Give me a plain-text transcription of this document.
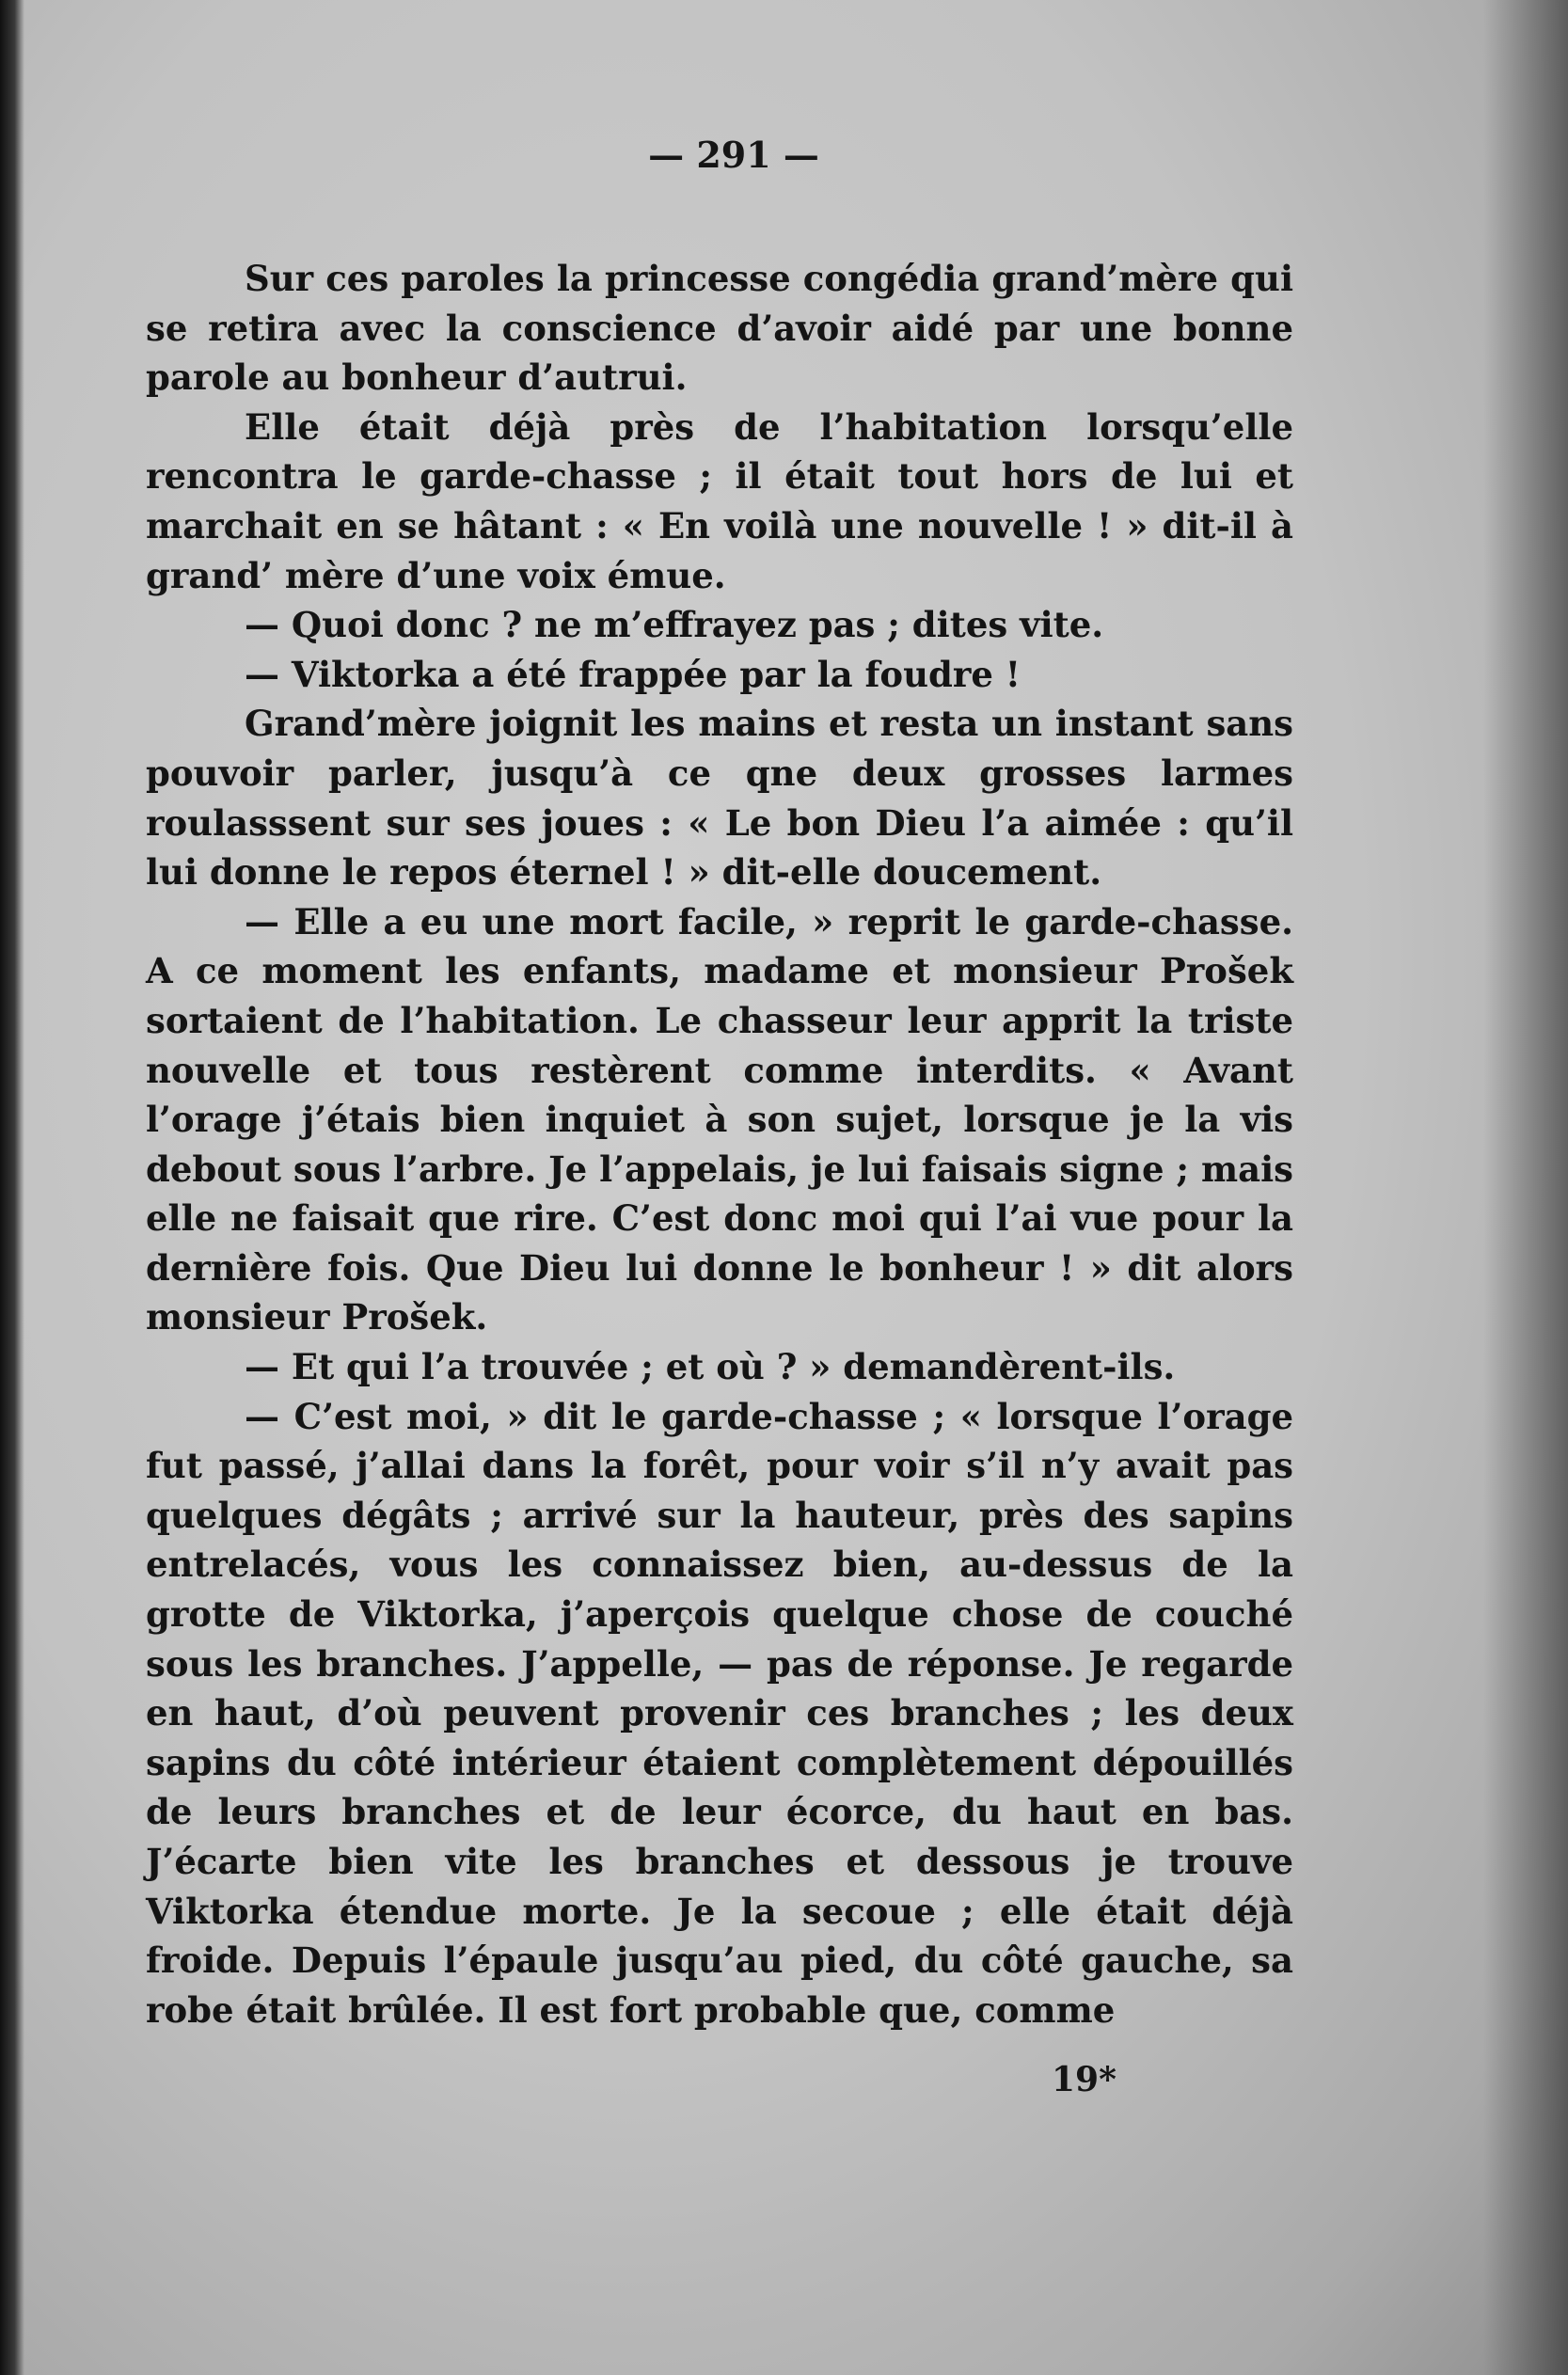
— 291 —

Sur ces paroles la princesse congédia grand’mère qui se retira avec la conscience d’avoir aidé par une bonne parole au bonheur d’autrui.

Elle était déjà près de l’habitation lorsqu’elle rencontra le garde-chasse ; il était tout hors de lui et marchait en se hâtant : « En voilà une nouvelle ! » dit-il à grand’ mère d’une voix émue.

— Quoi donc ? ne m’effrayez pas ; dites vite.

— Viktorka a été frappée par la foudre !

Grand’mère joignit les mains et resta un instant sans pouvoir parler, jusqu’à ce qne deux grosses larmes roulasssent sur ses joues : « Le bon Dieu l’a aimée : qu’il lui donne le repos éternel ! » dit-elle doucement.

— Elle a eu une mort facile, » reprit le garde-chasse. A ce moment les enfants, madame et monsieur Prošek sortaient de l’habitation. Le chasseur leur apprit la triste nouvelle et tous restèrent comme interdits. « Avant l’orage j’étais bien inquiet à son sujet, lorsque je la vis debout sous l’arbre. Je l’appelais, je lui faisais signe ; mais elle ne faisait que rire. C’est donc moi qui l’ai vue pour la dernière fois. Que Dieu lui donne le bonheur ! » dit alors monsieur Prošek.

— Et qui l’a trouvée ; et où ? » demandèrent-ils.

— C’est moi, » dit le garde-chasse ; « lorsque l’orage fut passé, j’allai dans la forêt, pour voir s’il n’y avait pas quelques dégâts ; arrivé sur la hauteur, près des sapins entrelacés, vous les connaissez bien, au-dessus de la grotte de Viktorka, j’aperçois quelque chose de couché sous les branches. J’appelle, — pas de réponse. Je regarde en haut, d’où peuvent provenir ces branches ; les deux sapins du côté intérieur étaient complètement dépouillés de leurs branches et de leur écorce, du haut en bas. J’écarte bien vite les branches et dessous je trouve Viktorka étendue morte. Je la secoue ; elle était déjà froide. Depuis l’épaule jusqu’au pied, du côté gauche, sa robe était brûlée. Il est fort probable que, comme

19*
